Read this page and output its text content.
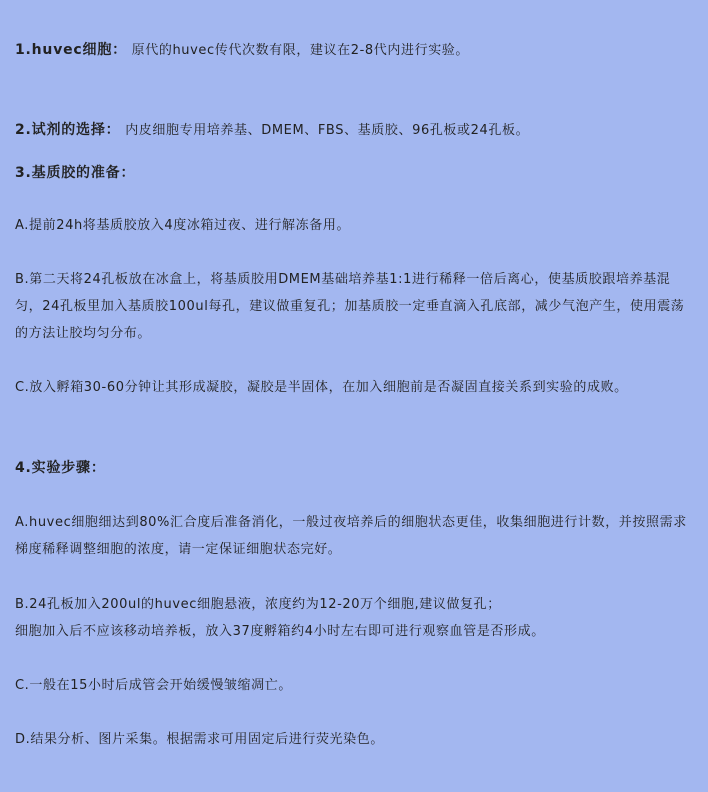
1.huvec细胞： 原代的huvec传代次数有限，建议在2-8代内进行实验。

2.试剂的选择： 内皮细胞专用培养基、DMEM、FBS、基质胶、96孔板或24孔板。

3.基质胶的准备：

A.提前24h将基质胶放入4度冰箱过夜、进行解冻备用。

B.第二天将24孔板放在冰盒上，将基质胶用DMEM基础培养基1:1进行稀释一倍后离心，使基质胶跟培养基混匀，24孔板里加入基质胶100ul每孔，建议做重复孔；加基质胶一定垂直滴入孔底部，减少气泡产生，使用震荡的方法让胶均匀分布。

C.放入孵箱30-60分钟让其形成凝胶，凝胶是半固体，在加入细胞前是否凝固直接关系到实验的成败。

4.实验步骤：

A.huvec细胞细达到80%汇合度后准备消化，一般过夜培养后的细胞状态更佳，收集细胞进行计数，并按照需求梯度稀释调整细胞的浓度，请一定保证细胞状态完好。

B.24孔板加入200ul的huvec细胞悬液，浓度约为12-20万个细胞,建议做复孔；
细胞加入后不应该移动培养板，放入37度孵箱约4小时左右即可进行观察血管是否形成。

C.一般在15小时后成管会开始缓慢皱缩凋亡。

D.结果分析、图片采集。根据需求可用固定后进行荧光染色。
